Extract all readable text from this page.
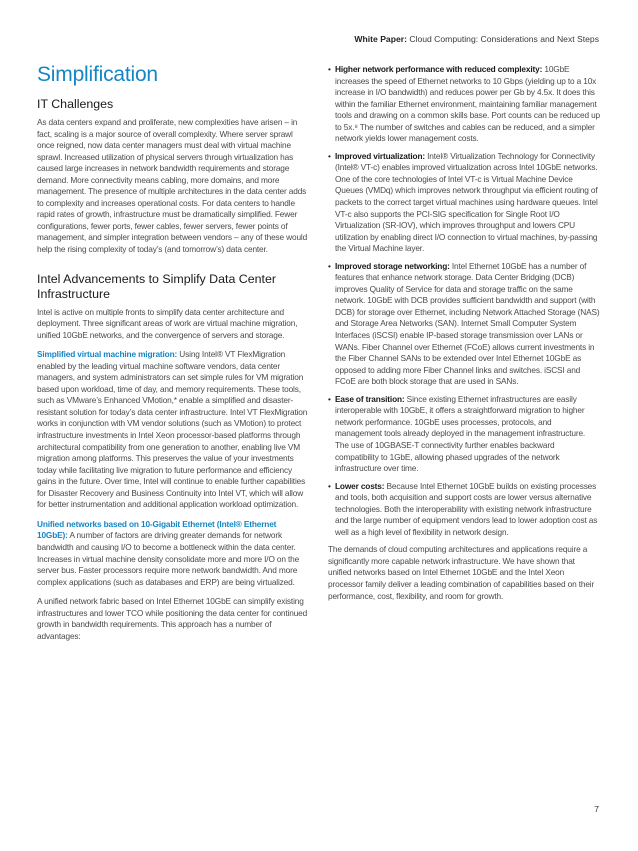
White Paper: Cloud Computing: Considerations and Next Steps
Simplification
IT Challenges

As data centers expand and proliferate, new complexities have arisen – in fact, scaling is a major source of overall complexity. Where server sprawl once reigned, now data center managers must deal with virtual machine sprawl. Increased utilization of physical servers through virtualization has caused large increases in network bandwidth requirements and storage demand. More connectivity means cabling, more domains, and more management. The presence of multiple architectures in the data center adds to complexity and increases operational costs. For data centers to handle rapid rates of growth, infrastructure must be dramatically simplified. Fewer configurations, fewer ports, fewer cables, fewer servers, fewer points of management, and simpler integration between vendors – any of these would help the rising complexity of today’s (and tomorrow’s) data center.

Intel Advancements to Simplify Data Center Infrastructure

Intel is active on multiple fronts to simplify data center architecture and deployment. Three significant areas of work are virtual machine migration, unified 10GbE networks, and the convergence of servers and storage.

Simplified virtual machine migration: Using Intel® VT FlexMigration enabled by the leading virtual machine software vendors, data center managers, and system administrators can set simple rules for VM migration based upon workload, time of day, and memory requirements. These tools, such as VMware’s Enhanced VMotion,* enable a simplified and disaster-resistant solution for today’s data center infrastructure. Intel VT FlexMigration works in conjunction with VM vendor solutions (such as VMotion) to protect infrastructure investments in Intel Xeon processor-based platforms through architectural compatibility from one generation to another, enabling live VM migration among platforms. This preserves the value of your investments today while facilitating live migration to future performance and efficiency gains in the future. Over time, Intel will continue to enable further capabilities for Disaster Recovery and Business Continuity into Intel VT, which will allow for better instrumentation and additional application workload optimization.

Unified networks based on 10-Gigabit Ethernet (Intel® Ethernet 10GbE): A number of factors are driving greater demands for network bandwidth and causing I/O to become a bottleneck within the data center. Increases in virtual machine density consolidate more and more I/O on the server bus. Faster processors require more network bandwidth. And more complex applications (such as databases and ERP) are being virtualized.

A unified network fabric based on Intel Ethernet 10GbE can simplify existing infrastructures and lower TCO while positioning the data center for continued growth in bandwidth requirements. This approach has a number of advantages:

• Higher network performance with reduced complexity: 10GbE increases the speed of Ethernet networks to 10 Gbps (yielding up to a 10x increase in I/O bandwidth) and reduces power per Gb by 4.5x. It does this within the familiar Ethernet environment, maintaining familiar management tools and drawing on a common skills base. Port counts can be reduced up to 5x.⁸ The number of switches and cables can be reduced, and a simpler network yields lower management costs.
• Improved virtualization: Intel® Virtualization Technology for Connectivity (Intel® VT-c) enables improved virtualization across Intel 10GbE networks. One of the core technologies of Intel VT-c is Virtual Machine Device Queues (VMDq) which improves network throughput via efficient routing of packets to the correct target virtual machines using hardware queues. Intel VT-c also supports the PCI-SIG specification for Single Root I/O Virtualization (SR-IOV), which improves throughput and lowers CPU utilization by enabling direct I/O connection to virtual machines, by-passing the Virtual Machine layer.
• Improved storage networking: Intel Ethernet 10GbE has a number of features that enhance network storage. Data Center Bridging (DCB) improves Quality of Service for data and storage traffic on the same network. 10GbE with DCB provides sufficient bandwidth and support (with DCB) for storage over Ethernet, including Network Attached Storage (NAS) and Storage Area Networks (SAN). Internet Small Computer System Interfaces (iSCSI) enable IP-based storage transmission over LANs or WANs. Fiber Channel over Ethernet (FCoE) allows current investments in the Fiber Channel SANs to be extended over Intel Ethernet 10GbE as opposed to adding more Fiber Channel links and switches. iSCSI and FCoE are both block storage that are used in SANs.
• Ease of transition: Since existing Ethernet infrastructures are easily interoperable with 10GbE, it offers a straightforward migration to higher network performance. 10GbE uses processes, protocols, and management tools already deployed in the management infrastructure. The use of 10GBASE-T connectivity further enables backward compatibility to 1GbE, allowing phased upgrades of the network infrastructure over time.
• Lower costs: Because Intel Ethernet 10GbE builds on existing processes and tools, both acquisition and support costs are lower versus alternative technologies. Both the interoperability with existing network infrastructure and the large number of equipment vendors lead to lower adoption cost as well as a high level of flexibility in network design.

The demands of cloud computing architectures and applications require a significantly more capable network infrastructure. We have shown that unified networks based on Intel Ethernet 10GbE and the Intel Xeon processor family deliver a leading combination of capabilities based on their performance, cost, flexibility, and room for growth.

7
